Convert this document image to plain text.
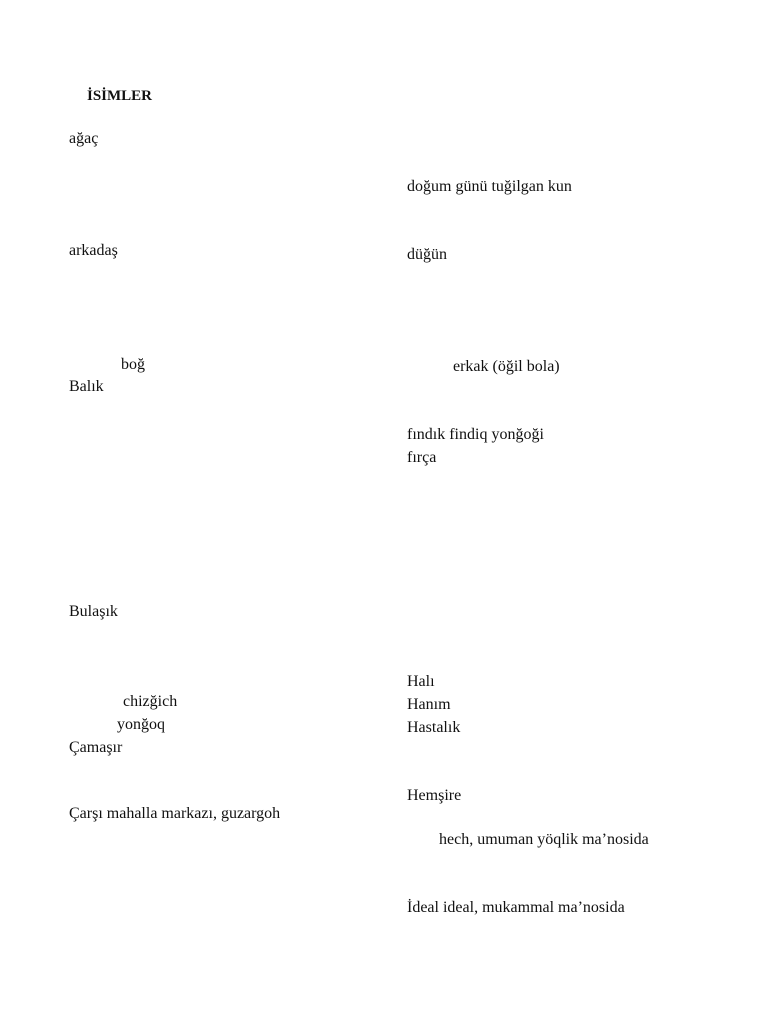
İSİMLER
ağaç
arkadaş
boğ
Balık
Bulaşık
chizğich
yonğoq
Çamaşır
Çarşı mahalla markazı, guzargoh
doğum günü tuğilgan kun
düğün
erkak (öğil bola)
fındık findiq yonğoği
fırça
Halı
Hanım
Hastalık
Hemşire
hech, umuman yöqlik ma’nosida
İdeal ideal, mukammal ma’nosida
